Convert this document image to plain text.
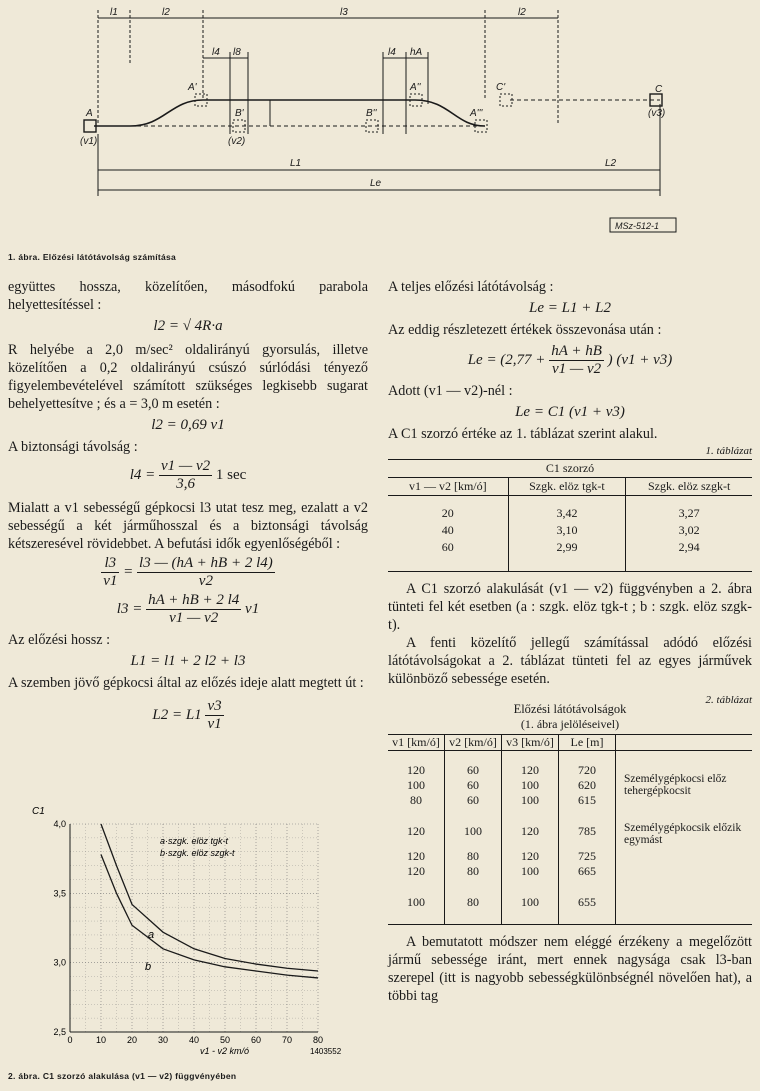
l1	l2	l3	l2
l4 l8	l4 hA
A
A'
B'	B''
A''
A'''
C'	C
(v1)	(v2)
(v3)
L1	L2
Le
MSz-512-1
1. ábra. Előzési látótávolság számítása
együttes hossza, közelítően, másodfokú parabola helyettesítéssel :
l2 = √ 4R·a
R helyébe a 2,0 m/sec² oldalirányú gyorsulás, illetve közelítően a 0,2 oldalirányú csúszó súrlódási tényező figyelembevételével számított szükséges legkisebb sugarat behelyettesítve ; és a = 3,0 m esetén :
l2 = 0,69 v1
A biztonsági távolság :
$l4 = \frac{v1 — v2}{3,6} 1$ sec
Mialatt a v1 sebességű gépkocsi l3 utat tesz meg, ezalatt a v2 sebességű a két járműhosszal és a biztonsági távolság kétszeresével rövidebbet. A befutási idők egyenlőségéből :
$\frac{l3}{v1} = \frac{l3 — (hA + hB + 2 l4)}{v2}$
$l3 = \frac{hA + hB + 2 l4}{v1 — v2} v1$
Az előzési hossz :
L1 = l1 + 2 l2 + l3
A szemben jövő gépkocsi által az előzés ideje alatt megtett út :
$L2 = L1 \frac{v3}{v1}$
C1
0	10 20 30 40 50 60 70 80
2,5
3,0
3,5
4,0
a·szgk. elöz tgk-t
b·szgk. elöz szgk-t
v1 - v2 km/ó	1403552
a
b
2. ábra. C1 szorzó alakulása (v1 — v2) függvényében
A teljes előzési látótávolság :
Le = L1 + L2
Az eddig részletezett értékek összevonása után :
$Le = (2,77 + \frac{hA + hB}{v1 — v2}$ ) (v1 + v3)
Adott (v1 — v2)-nél :
Le = C1 (v1 + v3)
A C1 szorzó értéke az 1. táblázat szerint alakul.
1. táblázat
C1 szorzó		
v1 — v2 [km/ó]	Szgk. elöz tgk-t	Szgk. elöz szgk-t
20	3,42	3,27
40	3,10	3,02
60	2,99	2,94
A C1 szorzó alakulását (v1 — v2) függvényben a 2. ábra tünteti fel két esetben (a : szgk. elöz tgk-t ; b : szgk. elöz szgk-t).
A fenti közelítő jellegű számítással adódó előzési látótávolságokat a 2. táblázat tünteti fel az egyes járművek különböző sebessége esetén.
2. táblázat
Előzési látótávolságok
(1. ábra jelöléseivel)
v1 [km/ó]	v2 [km/ó]	v3 [km/ó]	Le [m]	
120	60	120	720	Személygépkocsi előz tehergépkocsit
100	60	100	620	
80	60	100	615	
120	100	120	785	Személygépkocsik előzik egymást
120	80	120	725	
120	80	100	665	
100	80	100	655	
A bemutatott módszer nem eléggé érzékeny a megelőzött jármű sebessége iránt, mert ennek nagysága csak l3-ban szerepel (itt is nagyobb sebességkülönbségnél növelően hat), a többi tag
